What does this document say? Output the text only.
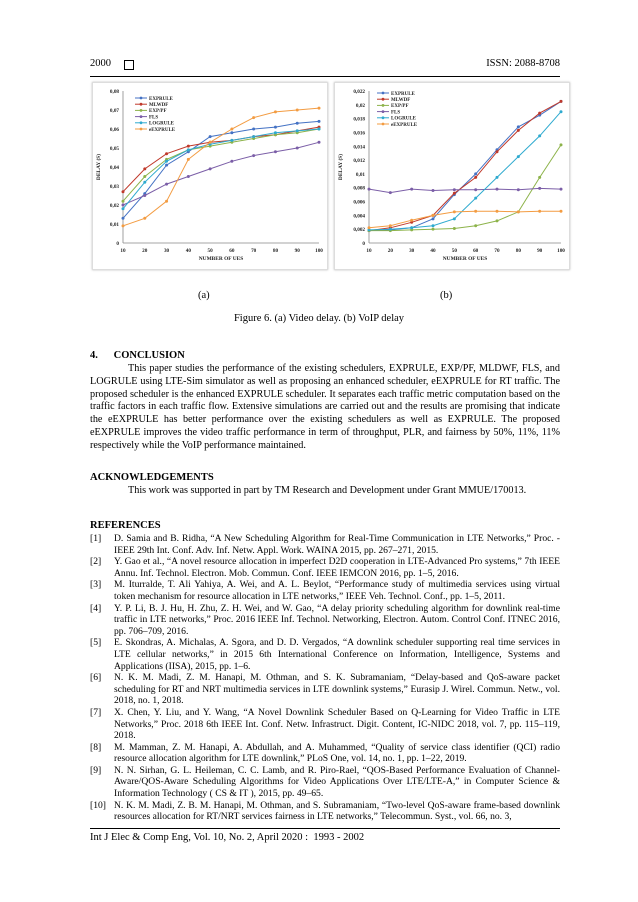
2000	ISSN: 2088-8708
0
0,01
0,02
0,03
0,04
0,05
0,06
0,07
0,08
10	20	30	40	50	60	70	80	90	100
NUMBER OF UES
DELAY (S)
EXPRULE
MLWDF
EXP/PF
FLS
LOGRULE
eEXPRULE
0
0,002
0,004
0,006
0,008
0,01
0,012
0,014
0,016
0,018
0,02
0,022
10	20	30	40	50	60	70	80	90	100
NUMBER OF UES
DELAY (S)
EXPRULE
MLWDF
EXP/PF
FLS
LOGRULE
eEXPRULE
(a)	(b)
Figure 6. (a) Video delay. (b) VoIP delay
4.      CONCLUSION
This paper studies the performance of the existing schedulers, EXPRULE, EXP/PF, MLDWF, FLS, and LOGRULE using LTE-Sim simulator as well as proposing an enhanced scheduler, eEXPRULE for RT traffic. The proposed scheduler is the enhanced EXPRULE scheduler. It separates each traffic metric computation based on the traffic factors in each traffic flow. Extensive simulations are carried out and the results are promising that indicate the eEXPRULE has better performance over the existing schedulers as well as EXPRULE. The proposed eEXPRULE improves the video traffic performance in term of throughput, PLR, and fairness by 50%, 11%, 11% respectively while the VoIP performance maintained.
ACKNOWLEDGEMENTS
This work was supported in part by TM Research and Development under Grant MMUE/170013.
REFERENCES
[1] D. Samia and B. Ridha, “A New Scheduling Algorithm for Real-Time Communication in LTE Networks,” Proc. - IEEE 29th Int. Conf. Adv. Inf. Netw. Appl. Work. WAINA 2015, pp. 267–271, 2015.
[2] Y. Gao et al., “A novel resource allocation in imperfect D2D cooperation in LTE-Advanced Pro systems,” 7th IEEE Annu. Inf. Technol. Electron. Mob. Commun. Conf. IEEE IEMCON 2016, pp. 1–5, 2016.
[3] M. Iturralde, T. Ali Yahiya, A. Wei, and A. L. Beylot, “Performance study of multimedia services using virtual token mechanism for resource allocation in LTE networks,” IEEE Veh. Technol. Conf., pp. 1–5, 2011.
[4] Y. P. Li, B. J. Hu, H. Zhu, Z. H. Wei, and W. Gao, “A delay priority scheduling algorithm for downlink real-time traffic in LTE networks,” Proc. 2016 IEEE Inf. Technol. Networking, Electron. Autom. Control Conf. ITNEC 2016, pp. 706–709, 2016.
[5] E. Skondras, A. Michalas, A. Sgora, and D. D. Vergados, “A downlink scheduler supporting real time services in LTE cellular networks,” in 2015 6th International Conference on Information, Intelligence, Systems and Applications (IISA), 2015, pp. 1–6.
[6] N. K. M. Madi, Z. M. Hanapi, M. Othman, and S. K. Subramaniam, “Delay-based and QoS-aware packet scheduling for RT and NRT multimedia services in LTE downlink systems,” Eurasip J. Wirel. Commun. Netw., vol. 2018, no. 1, 2018.
[7] X. Chen, Y. Liu, and Y. Wang, “A Novel Downlink Scheduler Based on Q-Learning for Video Traffic in LTE Networks,” Proc. 2018 6th IEEE Int. Conf. Netw. Infrastruct. Digit. Content, IC-NIDC 2018, vol. 7, pp. 115–119, 2018.
[8] M. Mamman, Z. M. Hanapi, A. Abdullah, and A. Muhammed, “Quality of service class identifier (QCI) radio resource allocation algorithm for LTE downlink,” PLoS One, vol. 14, no. 1, pp. 1–22, 2019.
[9] N. N. Sirhan, G. L. Heileman, C. C. Lamb, and R. Piro-Rael, “QOS-Based Performance Evaluation of Channel-Aware/QOS-Aware Scheduling Algorithms for Video Applications Over LTE/LTE-A,” in Computer Science & Information Technology ( CS & IT ), 2015, pp. 49–65.
[10] N. K. M. Madi, Z. B. M. Hanapi, M. Othman, and S. Subramaniam, “Two-level QoS-aware frame-based downlink resources allocation for RT/NRT services fairness in LTE networks,” Telecommun. Syst., vol. 66, no. 3,
Int J Elec & Comp Eng, Vol. 10, No. 2, April 2020 :  1993 - 2002
